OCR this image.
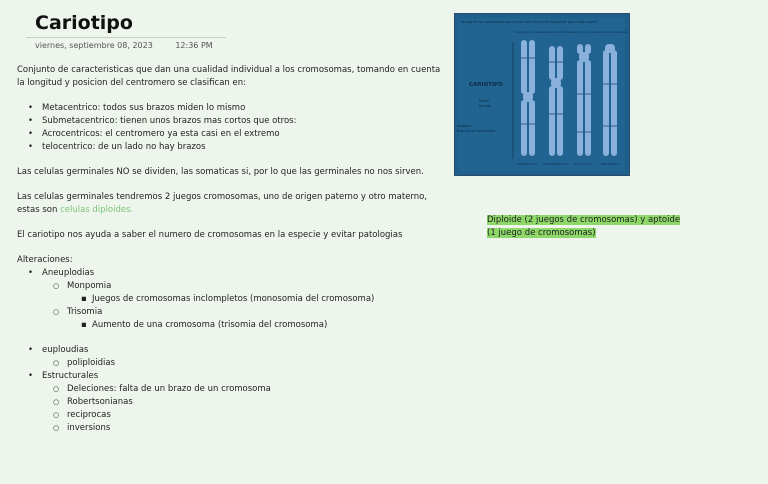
Cariotipo
viernes, septiembre 08, 2023	12:36 PM

Conjunto de caracteristicas que dan una cualidad individual a los cromosomas, tomando en cuenta la longitud y posicion del centromero se clasifican en:

• Metacentrico: todos sus brazos miden lo mismo
• Submetacentrico: tienen unos brazos mas cortos que otros:
• Acrocentricos: el centromero ya esta casi en el extremo
• telocentrico: de un lado no hay brazos

Las celulas germinales NO se dividen, las somaticas si, por lo que las germinales no nos sirven.

Las celulas germinales tendremos 2 juegos cromosomas, uno de origen paterno y otro materno, estas son celulas diploides.

El cariotipo nos ayuda a saber el numero de cromosomas en la especie y evitar patologias

Alteraciones:

• Aneuplodias
○ Monpomia
▪ Juegos de cromosomas inclompletos (monosomia del cromosoma)
○ Trisomia
▪ Aumento de una cromosoma (trisomia del cromosoma)
• euploudias
○ poliploidias
• Estructurales
○ Deleciones: falta de un brazo de un cromosoma
○ Robertsonianas
○ reciprocas
○ inversions
Arreglo de los cromosomas que hay en una célula y se especifican para cada especie
Conjunto de características morfológicas de los cromosomas de una célula
CARIOTIPO
Patrón
Bandas
Longitud
Posición del centrómero
Metacéntrico Submetacéntrico Acrocéntrico	Telocéntrico
Diploide (2 juegos de cromosomas) y aptoide (1 juego de cromosomas)
